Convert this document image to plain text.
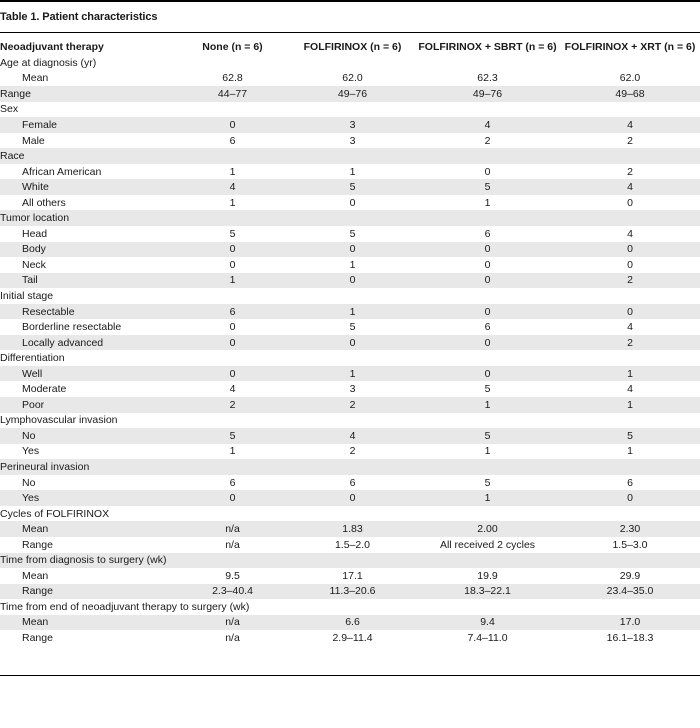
Table 1. Patient characteristics
Neoadjuvant therapy	None (n = 6)	FOLFIRINOX (n = 6)	FOLFIRINOX + SBRT (n = 6)	FOLFIRINOX + XRT (n = 6)
Age at diagnosis (yr)				
Mean	62.8	62.0	62.3	62.0
Range	44–77	49–76	49–76	49–68
Sex				
Female	0	3	4	4
Male	6	3	2	2
Race				
African American	1	1	0	2
White	4	5	5	4
All others	1	0	1	0
Tumor location				
Head	5	5	6	4
Body	0	0	0	0
Neck	0	1	0	0
Tail	1	0	0	2
Initial stage				
Resectable	6	1	0	0
Borderline resectable	0	5	6	4
Locally advanced	0	0	0	2
Differentiation				
Well	0	1	0	1
Moderate	4	3	5	4
Poor	2	2	1	1
Lymphovascular invasion				
No	5	4	5	5
Yes	1	2	1	1
Perineural invasion				
No	6	6	5	6
Yes	0	0	1	0
Cycles of FOLFIRINOX				
Mean	n/a	1.83	2.00	2.30
Range	n/a	1.5–2.0	All received 2 cycles	1.5–3.0
Time from diagnosis to surgery (wk)				
Mean	9.5	17.1	19.9	29.9
Range	2.3–40.4	11.3–20.6	18.3–22.1	23.4–35.0
Time from end of neoadjuvant therapy to surgery (wk)				
Mean	n/a	6.6	9.4	17.0
Range	n/a	2.9–11.4	7.4–11.0	16.1–18.3
